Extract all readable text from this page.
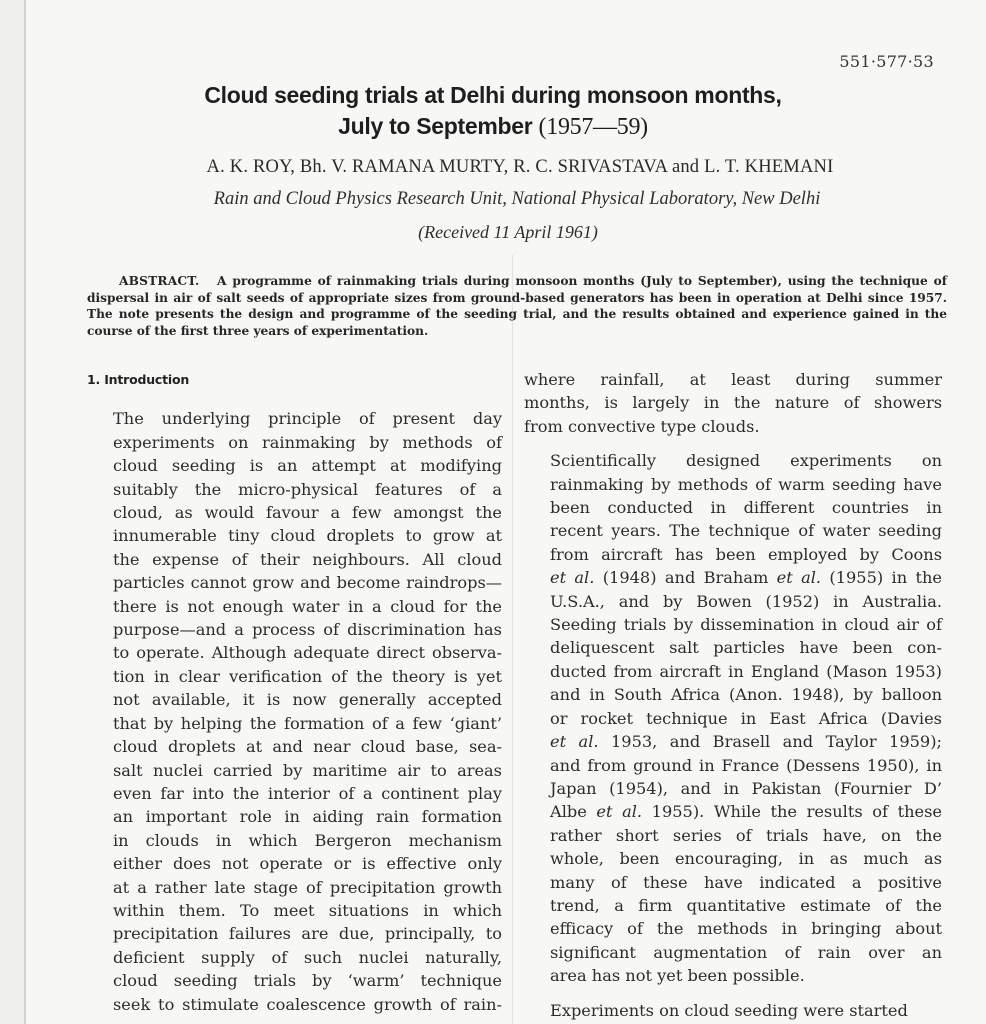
551·577·53
Cloud seeding trials at Delhi during monsoon months,
July to September (1957—59)
A. K. ROY, Bh. V. RAMANA MURTY, R. C. SRIVASTAVA and L. T. KHEMANI
Rain and Cloud Physics Research Unit, National Physical Laboratory, New Delhi
(Received 11 April 1961)
ABSTRACT. A programme of rainmaking trials during monsoon months (July to September), using the technique of dispersal in air of salt seeds of appropriate sizes from ground-based generators has been in operation at Delhi since 1957. The note presents the design and programme of the seeding trial, and the results obtained and experience gained in the course of the first three years of experimentation.
1. Introduction
The underlying principle of present day
experiments on rainmaking by methods of
cloud seeding is an attempt at modifying
suitably the micro-physical features of a
cloud, as would favour a few amongst the
innumerable tiny cloud droplets to grow at
the expense of their neighbours. All cloud
particles cannot grow and become raindrops—
there is not enough water in a cloud for the
purpose—and a process of discrimination has
to operate. Although adequate direct observa-
tion in clear verification of the theory is yet
not available, it is now generally accepted
that by helping the formation of a few ‘giant’
cloud droplets at and near cloud base, sea-
salt nuclei carried by maritime air to areas
even far into the interior of a continent play
an important role in aiding rain formation
in clouds in which Bergeron mechanism
either does not operate or is effective only
at a rather late stage of precipitation growth
within them. To meet situations in which
precipitation failures are due, principally, to
deficient supply of such nuclei naturally,
cloud seeding trials by ‘warm’ technique
seek to stimulate coalescence growth of rain-
where rainfall, at least during summer
months, is largely in the nature of showers
from convective type clouds.
Scientifically designed experiments on
rainmaking by methods of warm seeding have
been conducted in different countries in
recent years. The technique of water seeding
from aircraft has been employed by Coons
et al. (1948) and Braham et al. (1955) in the
U.S.A., and by Bowen (1952) in Australia.
Seeding trials by dissemination in cloud air of
deliquescent salt particles have been con-
ducted from aircraft in England (Mason 1953)
and in South Africa (Anon. 1948), by balloon
or rocket technique in East Africa (Davies
et al. 1953, and Brasell and Taylor 1959);
and from ground in France (Dessens 1950), in
Japan (1954), and in Pakistan (Fournier D’
Albe et al. 1955). While the results of these
rather short series of trials have, on the
whole, been encouraging, in as much as
many of these have indicated a positive
trend, a firm quantitative estimate of the
efficacy of the methods in bringing about
significant augmentation of rain over an
area has not yet been possible.
Experiments on cloud seeding were started
